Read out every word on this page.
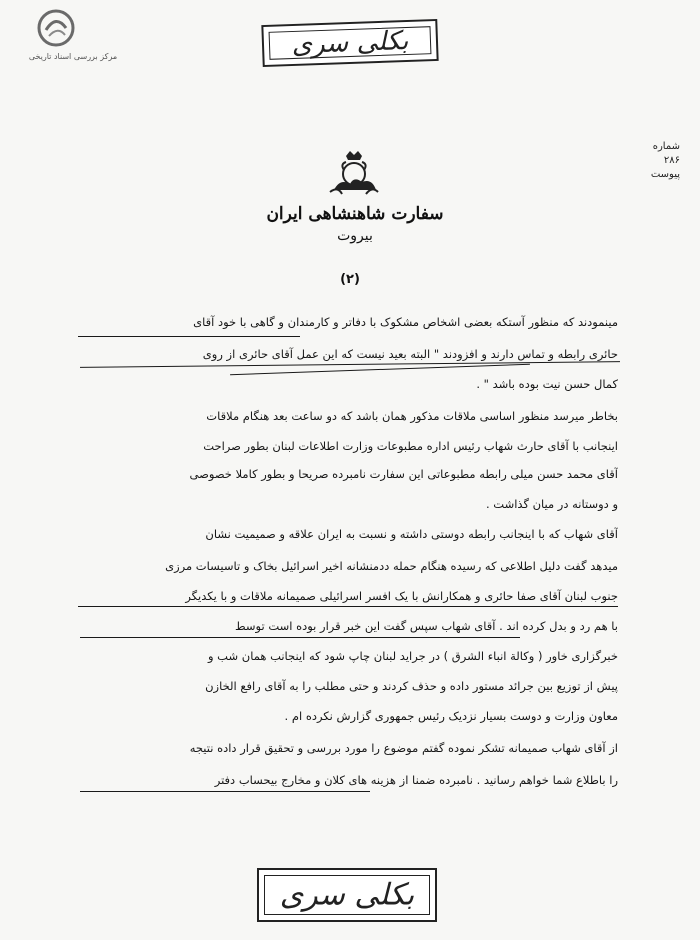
مرکز بررسی اسناد تاریخی	بکلی سری
شماره
۲۸۶
پیوست
سفارت شاهنشاهی ایران
بیروت
(۲)
مینمودند که منظور آستکه بعضی اشخاص مشکوک با دفاتر و کارمندان و گاهی با خود آقای
حائری رابطه و تماس دارند و افزودند " البته بعید نیست که این عمل آقای حائری از روی
کمال حسن نیت بوده باشد " .
بخاطر میرسد منظور اساسی ملاقات مذکور همان باشد که دو ساعت بعد هنگام ملاقات
اینجانب با آقای حارث شهاب رئیس اداره مطبوعات وزارت اطلاعات لبنان بطور صراحت
آقای محمد حسن میلی رابطه مطبوعاتی این سفارت نامبرده صریحا و بطور کاملا خصوصی
و دوستانه در میان گذاشت .
آقای شهاب که با اینجانب رابطه دوستی داشته و نسبت به ایران علاقه و صمیمیت نشان
میدهد گفت دلیل اطلاعی که رسیده هنگام حمله ددمنشانه اخیر اسرائیل بخاک و تاسیسات مرزی
جنوب لبنان آقای صفا حائری و همکارانش با یک افسر اسرائیلی صمیمانه ملاقات و با یکدیگر
با هم رد و بدل کرده اند . آقای شهاب سپس گفت این خبر قرار بوده است توسط
خبرگزاری خاور ( وکالة انباء الشرق ) در جراید لبنان چاپ شود که اینجانب همان شب و
پیش از توزیع بین جرائد مستور داده و حذف کردند و حتی مطلب را به آقای رافع الخازن
معاون وزارت و دوست بسیار نزدیک رئیس جمهوری گزارش نکرده ام .
از آقای شهاب صمیمانه تشکر نموده گفتم موضوع را مورد بررسی و تحقیق قرار داده نتیجه
را باطلاع شما خواهم رسانید . نامبرده ضمنا از هزینه های کلان و مخارج بیحساب دفتر
بکلی سری
